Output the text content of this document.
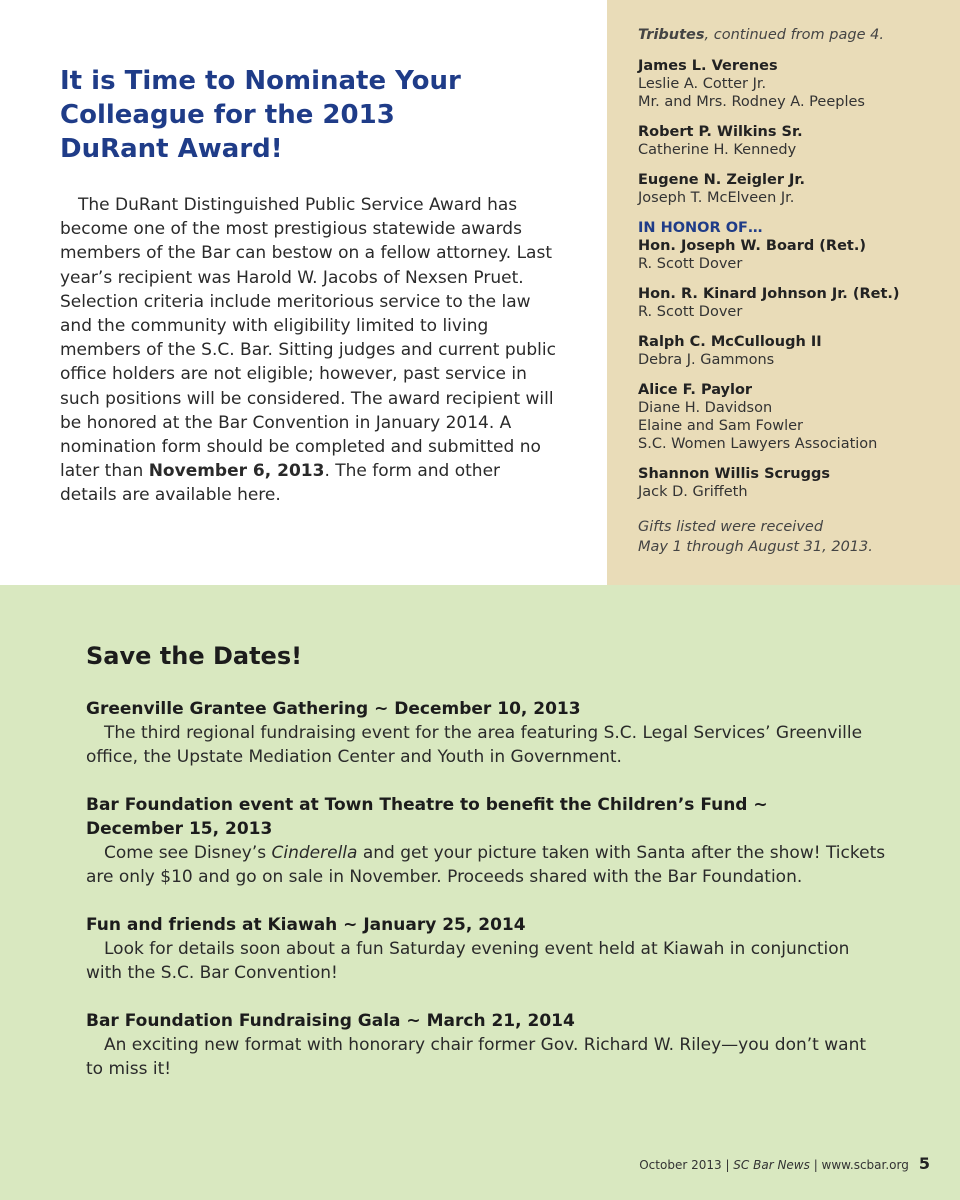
It is Time to Nominate Your
Colleague for the 2013
DuRant Award!

The DuRant Distinguished Public Service Award has become one of the most prestigious statewide awards members of the Bar can bestow on a fellow attorney. Last year’s recipient was Harold W. Jacobs of Nexsen Pruet. Selection criteria include meritorious service to the law and the community with eligibility limited to living members of the S.C. Bar. Sitting judges and current public office holders are not eligible; however, past service in such positions will be considered. The award recipient will be honored at the Bar Convention in January 2014. A nomination form should be completed and submitted no later than November 6, 2013. The form and other details are available here.

Tributes, continued from page 4.
James L. Verenes
Leslie A. Cotter Jr.
Mr. and Mrs. Rodney A. Peeples
Robert P. Wilkins Sr.
Catherine H. Kennedy
Eugene N. Zeigler Jr.
Joseph T. McElveen Jr.
IN HONOR OF…
Hon. Joseph W. Board (Ret.)
R. Scott Dover
Hon. R. Kinard Johnson Jr. (Ret.)
R. Scott Dover
Ralph C. McCullough II
Debra J. Gammons
Alice F. Paylor
Diane H. Davidson
Elaine and Sam Fowler
S.C. Women Lawyers Association
Shannon Willis Scruggs
Jack D. Griffeth
Gifts listed were received
May 1 through August 31, 2013.
Save the Dates!
Greenville Grantee Gathering ~ December 10, 2013
The third regional fundraising event for the area featuring S.C. Legal Services’ Greenville office, the Upstate Mediation Center and Youth in Government.
Bar Foundation event at Town Theatre to benefit the Children’s Fund ~
December 15, 2013
Come see Disney’s Cinderella and get your picture taken with Santa after the show! Tickets are only $10 and go on sale in November. Proceeds shared with the Bar Foundation.
Fun and friends at Kiawah ~ January 25, 2014
Look for details soon about a fun Saturday evening event held at Kiawah in conjunction with the S.C. Bar Convention!
Bar Foundation Fundraising Gala ~ March 21, 2014
An exciting new format with honorary chair former Gov. Richard W. Riley—you don’t want to miss it!
October 2013 | SC Bar News | www.scbar.org 5
